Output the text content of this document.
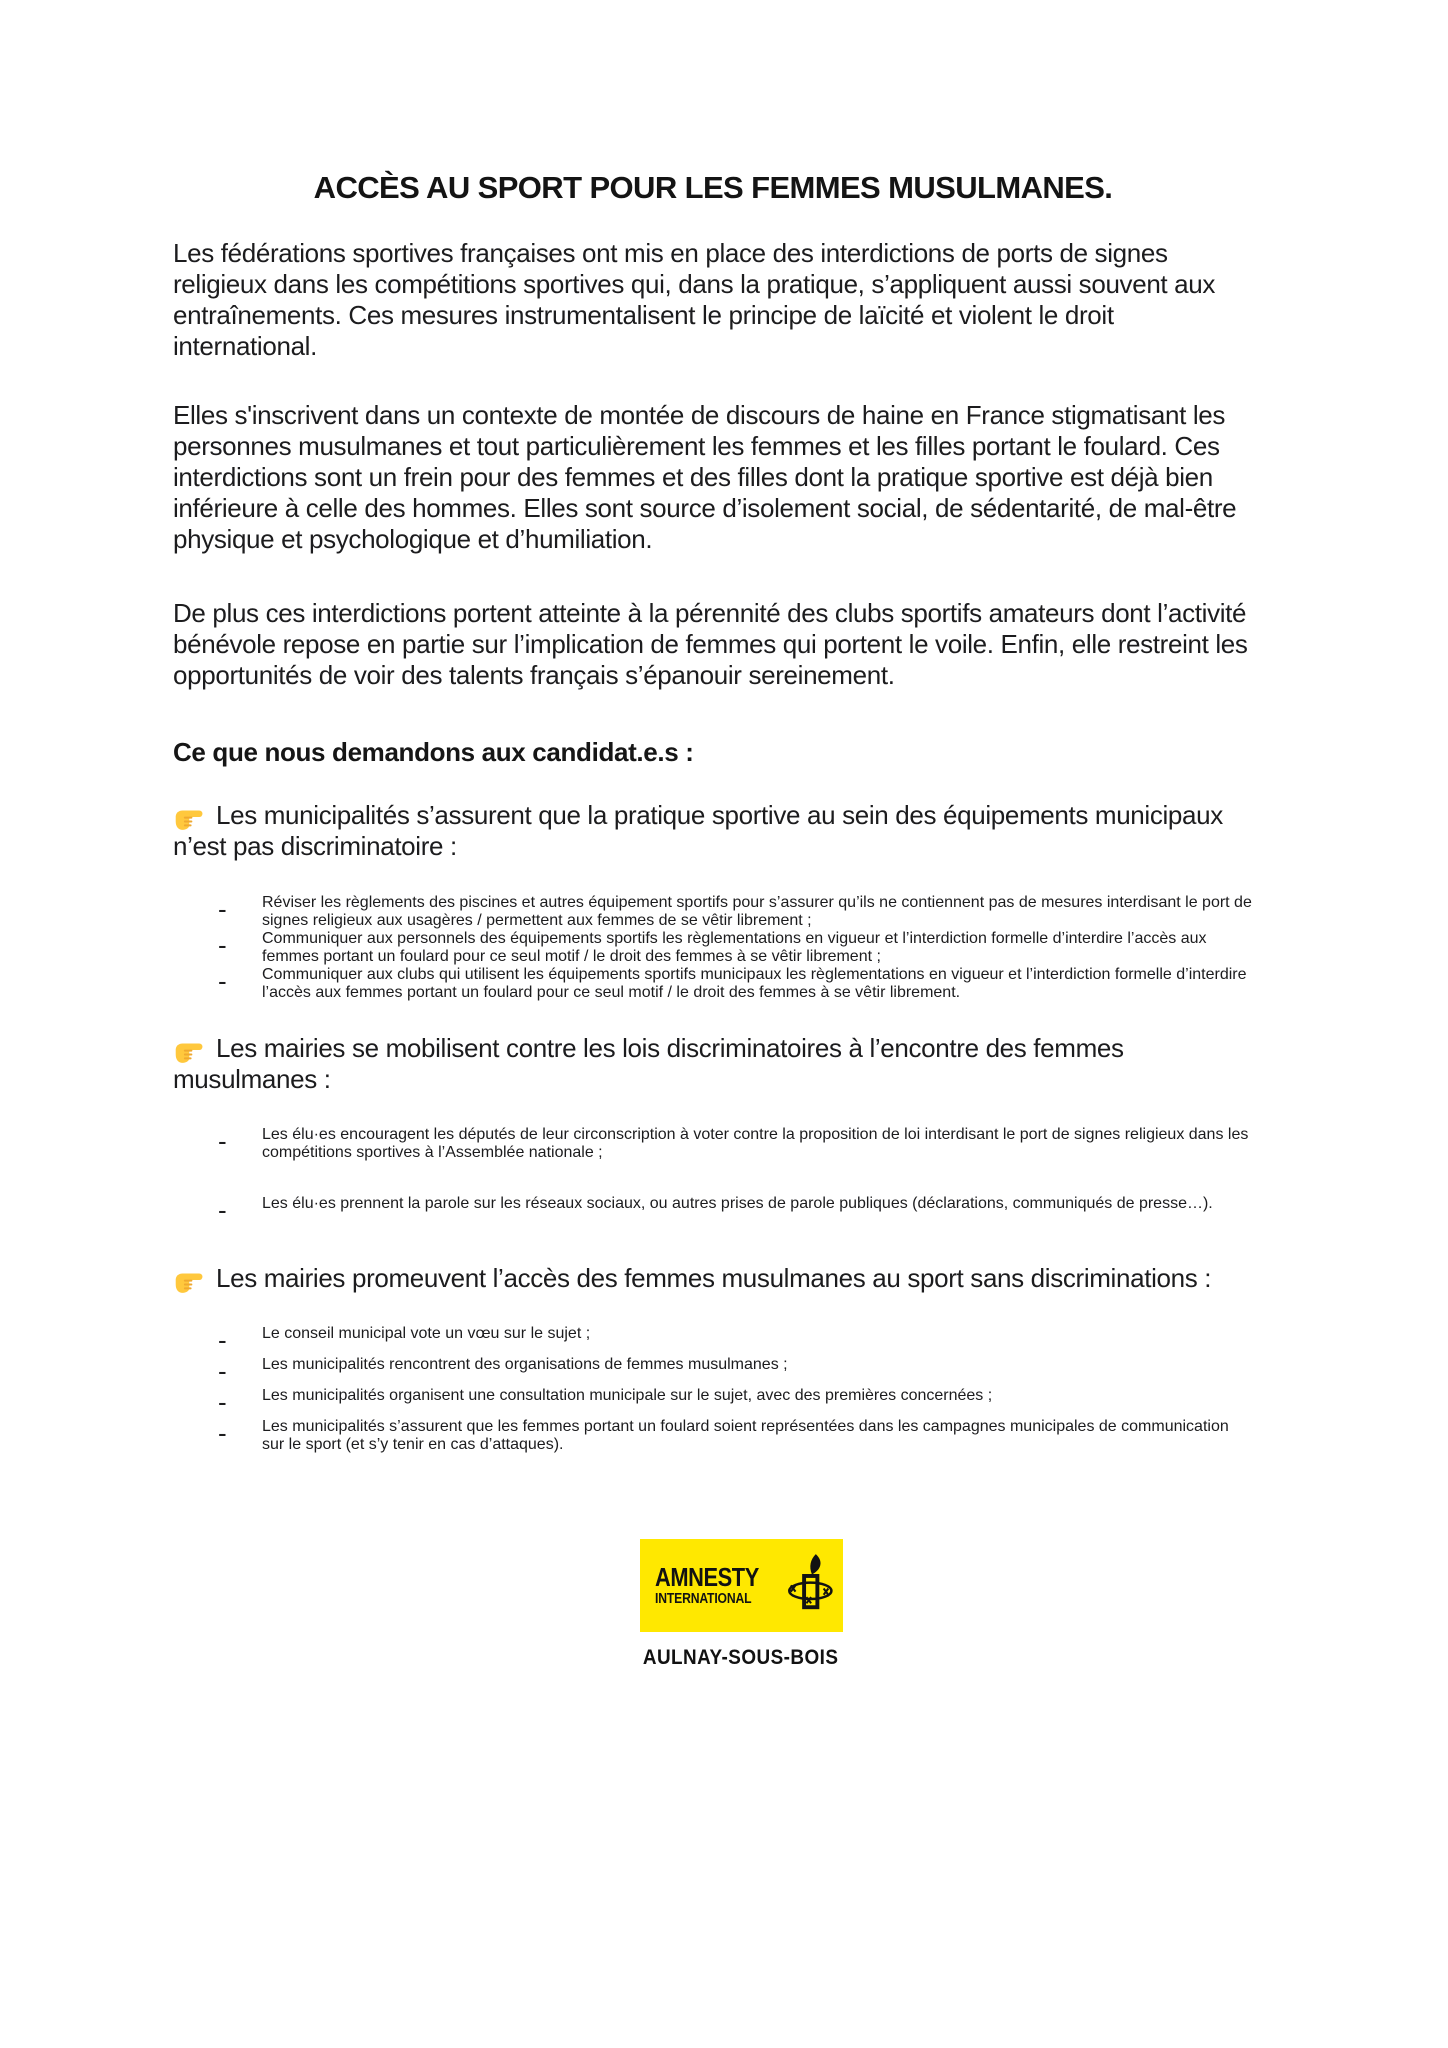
ACCÈS AU SPORT POUR LES FEMMES MUSULMANES.

Les fédérations sportives françaises ont mis en place des interdictions de ports de signes religieux dans les compétitions sportives qui, dans la pratique, s’appliquent aussi souvent aux entraînements. Ces mesures instrumentalisent le principe de laïcité et violent le droit international.

Elles s'inscrivent dans un contexte de montée de discours de haine en France stigmatisant les personnes musulmanes et tout particulièrement les femmes et les filles portant le foulard. Ces interdictions sont un frein pour des femmes et des filles dont la pratique sportive est déjà bien inférieure à celle des hommes. Elles sont source d’isolement social, de sédentarité, de mal-être physique et psychologique et d’humiliation.

De plus ces interdictions portent atteinte à la pérennité des clubs sportifs amateurs dont l’activité bénévole repose en partie sur l’implication de femmes qui portent le voile. Enfin, elle restreint les opportunités de voir des talents français s’épanouir sereinement.

Ce que nous demandons aux candidat.e.s :

Les municipalités s’assurent que la pratique sportive au sein des équipements municipaux n’est pas discriminatoire :

-	Réviser les règlements des piscines et autres équipement sportifs pour s’assurer qu’ils ne contiennent pas de mesures interdisant le port de signes religieux aux usagères / permettent aux femmes de se vêtir librement ;
-	Communiquer aux personnels des équipements sportifs les règlementations en vigueur et l’interdiction formelle d’interdire l’accès aux femmes portant un foulard pour ce seul motif / le droit des femmes à se vêtir librement ;
-	Communiquer aux clubs qui utilisent les équipements sportifs municipaux les règlementations en vigueur et l’interdiction formelle d’interdire l’accès aux femmes portant un foulard pour ce seul motif / le droit des femmes à se vêtir librement.

Les mairies se mobilisent contre les lois discriminatoires à l’encontre des femmes musulmanes :

-	Les élu·es encouragent les députés de leur circonscription à voter contre la proposition de loi interdisant le port de signes religieux dans les compétitions sportives à l’Assemblée nationale ;
-	Les élu·es prennent la parole sur les réseaux sociaux, ou autres prises de parole publiques (déclarations, communiqués de presse…).

Les mairies promeuvent l’accès des femmes musulmanes au sport sans discriminations :

-	Le conseil municipal vote un vœu sur le sujet ;
-	Les municipalités rencontrent des organisations de femmes musulmanes ;
-	Les municipalités organisent une consultation municipale sur le sujet, avec des premières concernées ;
-	Les municipalités s’assurent que les femmes portant un foulard soient représentées dans les campagnes municipales de communication sur le sport (et s’y tenir en cas d’attaques).
AMNESTY
INTERNATIONAL
AULNAY-SOUS-BOIS
